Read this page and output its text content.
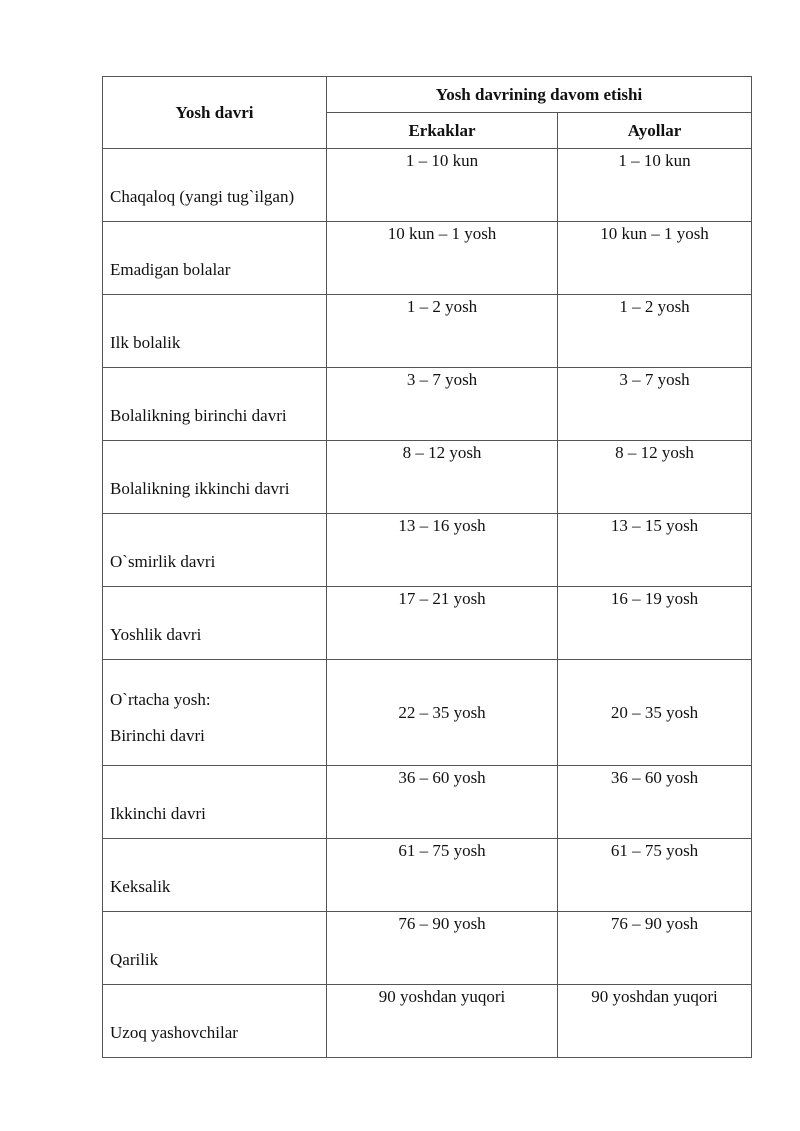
Yosh davri	Yosh davrining davom etishi	
	Erkaklar	Ayollar

Chaqaloq (yangi tug`ilgan)	1 – 10 kun	1 – 10 kun

Emadigan bolalar	10 kun – 1 yosh	10 kun – 1 yosh

Ilk bolalik	1 – 2 yosh	1 – 2 yosh

Bolalikning birinchi davri	3 – 7 yosh	3 – 7 yosh

Bolalikning ikkinchi davri	8 – 12 yosh	8 – 12 yosh

O`smirlik davri	13 – 16 yosh	13 – 15 yosh

Yoshlik davri	17 – 21 yosh	16 – 19 yosh

O`rtacha yosh:
Birinchi davri	22 – 35 yosh	20 – 35 yosh

Ikkinchi davri	36 – 60 yosh	36 – 60 yosh

Keksalik	61 – 75 yosh	61 – 75 yosh

Qarilik	76 – 90 yosh	76 – 90 yosh

Uzoq yashovchilar	90 yoshdan yuqori	90 yoshdan yuqori
